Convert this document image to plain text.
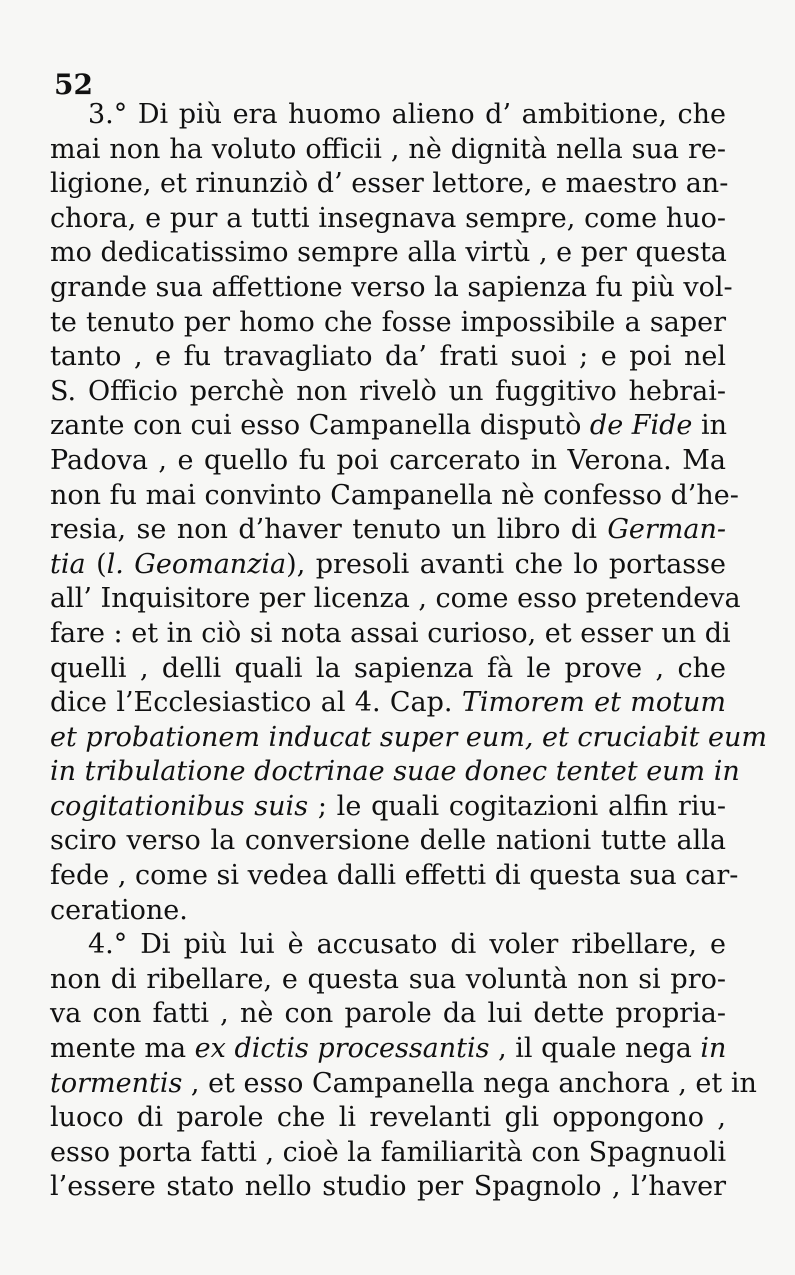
52
3.° Di più era huomo alieno d’ ambitione, che
mai non ha voluto officii , nè dignità nella sua re-
ligione, et rinunziò d’ esser lettore, e maestro an-
chora, e pur a tutti insegnava sempre, come huo-
mo dedicatissimo sempre alla virtù , e per questa
grande sua affettione verso la sapienza fu più vol-
te tenuto per homo che fosse impossibile a saper
tanto , e fu travagliato da’ frati suoi ; e poi nel
S. Officio perchè non rivelò un fuggitivo hebrai-
zante con cui esso Campanella disputò de Fide in
Padova , e quello fu poi carcerato in Verona. Ma
non fu mai convinto Campanella nè confesso d’he-
resia, se non d’haver tenuto un libro di German-
tia (l. Geomanzia), presoli avanti che lo portasse
all’ Inquisitore per licenza , come esso pretendeva
fare : et in ciò si nota assai curioso, et esser un di
quelli , delli quali la sapienza fà le prove , che
dice l’Ecclesiastico al 4. Cap. Timorem et motum
et probationem inducat super eum, et cruciabit eum
in tribulatione doctrinae suae donec tentet eum in
cogitationibus suis ; le quali cogitazioni alfin riu-
sciro verso la conversione delle nationi tutte alla
fede , come si vedea dalli effetti di questa sua car-
ceratione.
4.° Di più lui è accusato di voler ribellare, e
non di ribellare, e questa sua voluntà non si pro-
va con fatti , nè con parole da lui dette propria-
mente ma ex dictis processantis , il quale nega in
tormentis , et esso Campanella nega anchora , et in
luoco di parole che li revelanti gli oppongono ,
esso porta fatti , cioè la familiarità con Spagnuoli
l’essere stato nello studio per Spagnolo , l’haver
